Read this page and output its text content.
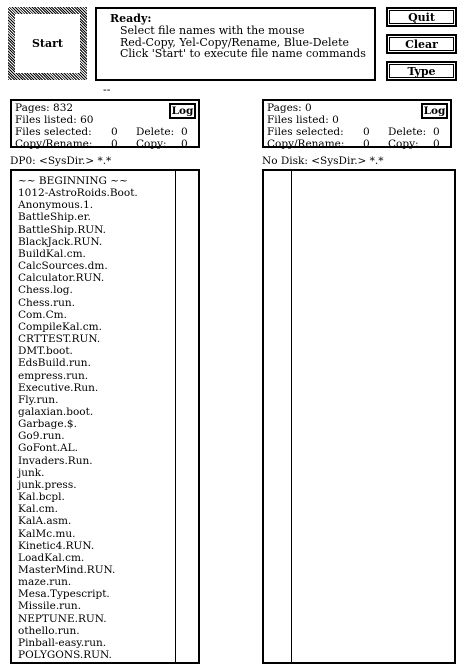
Start
Ready:
Select file names with the mouse
Red-Copy, Yel-Copy/Rename, Blue-Delete
Click 'Start' to execute file name commands
Quit
Clear
Type
--
Pages: 832
Files listed: 60
Files selected: 0 Delete: 0
Copy/Rename: 0 Copy: 0
Log	Pages: 0
Files listed: 0
Files selected: 0 Delete: 0
Copy/Rename: 0 Copy: 0
Log
DP0: <SysDir.> *.*	No Disk: <SysDir.> *.*
~~ BEGINNING ~~
1012-AstroRoids.Boot.
Anonymous.1.
BattleShip.er.
BattleShip.RUN.
BlackJack.RUN.
BuildKal.cm.
CalcSources.dm.
Calculator.RUN.
Chess.log.
Chess.run.
Com.Cm.
CompileKal.cm.
CRTTEST.RUN.
DMT.boot.
EdsBuild.run.
empress.run.
Executive.Run.
Fly.run.
galaxian.boot.
Garbage.$.
Go9.run.
GoFont.AL.
Invaders.Run.
junk.
junk.press.
Kal.bcpl.
Kal.cm.
KalA.asm.
KalMc.mu.
Kinetic4.RUN.
LoadKal.cm.
MasterMind.RUN.
maze.run.
Mesa.Typescript.
Missile.run.
NEPTUNE.RUN.
othello.run.
Pinball-easy.run.
POLYGONS.RUN.
